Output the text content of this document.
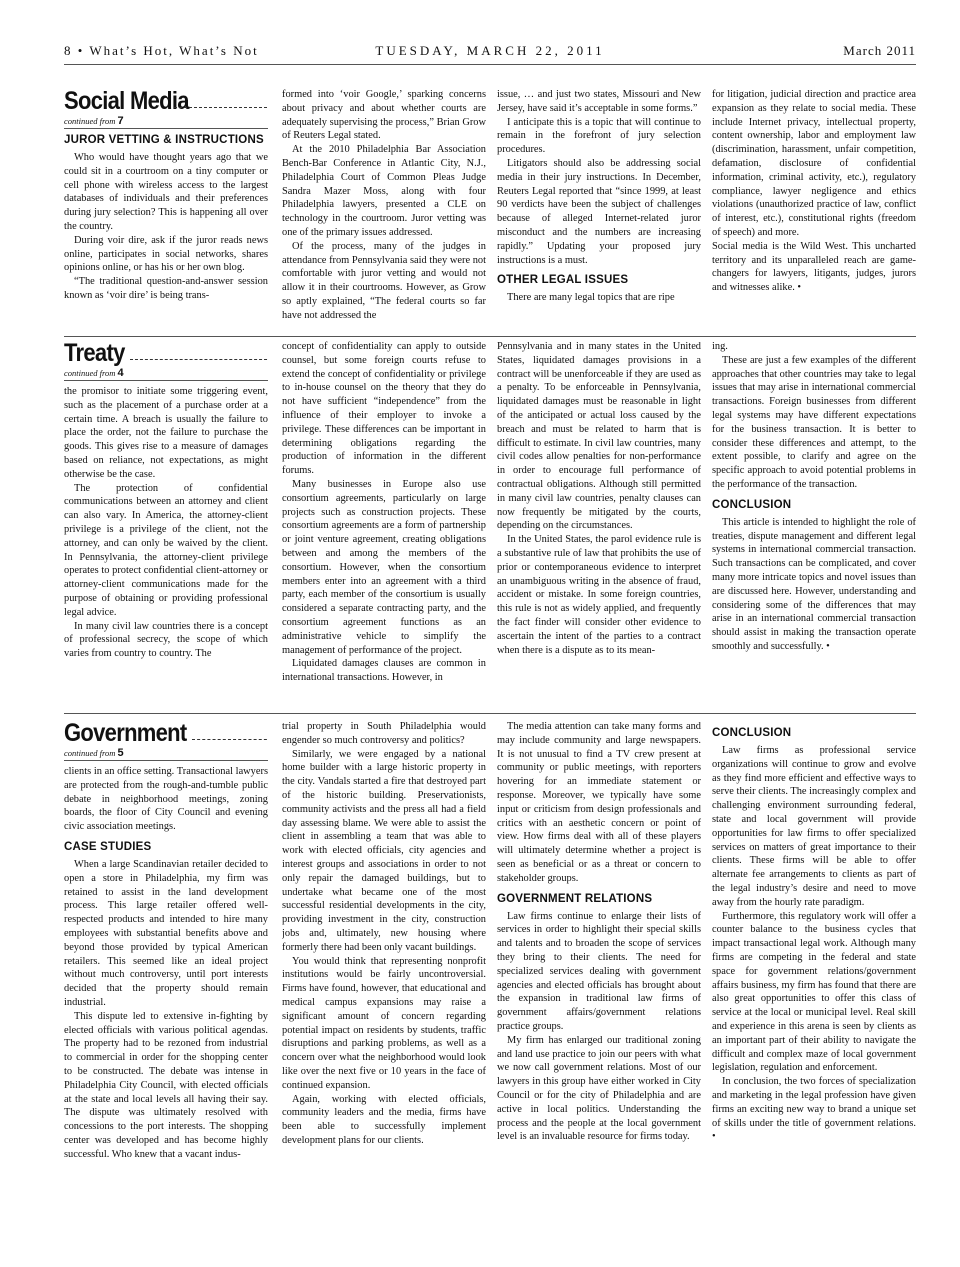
8 • What’s Hot, What’s Not	TUESDAY, MARCH 22, 2011	March 2011
Social Media
continued from 7
JUROR VETTING & INSTRUCTIONS

Who would have thought years ago that we could sit in a courtroom on a tiny computer or cell phone with wireless access to the largest databases of individuals and their preferences during jury selection? This is happening all over the country.

During voir dire, ask if the juror reads news online, participates in social networks, shares opinions online, or has his or her own blog.

“The traditional question-and-answer session known as ‘voir dire’ is being trans-

formed into ‘voir Google,’ sparking concerns about privacy and about whether courts are adequately supervising the process,” Brian Grow of Reuters Legal stated.

At the 2010 Philadelphia Bar Association Bench-Bar Conference in Atlantic City, N.J., Philadelphia Court of Common Pleas Judge Sandra Mazer Moss, along with four Philadelphia lawyers, presented a CLE on technology in the courtroom. Juror vetting was one of the primary issues addressed.

Of the process, many of the judges in attendance from Pennsylvania said they were not comfortable with juror vetting and would not allow it in their courtrooms. However, as Grow so aptly explained, “The federal courts so far have not addressed the

issue, … and just two states, Missouri and New Jersey, have said it’s acceptable in some forms.”

I anticipate this is a topic that will continue to remain in the forefront of jury selection procedures.

Litigators should also be addressing social media in their jury instructions. In December, Reuters Legal reported that “since 1999, at least 90 verdicts have been the subject of challenges because of alleged Internet-related juror misconduct and the numbers are increasing rapidly.” Updating your proposed jury instructions is a must.

OTHER LEGAL ISSUES

There are many legal topics that are ripe

for litigation, judicial direction and practice area expansion as they relate to social media. These include Internet privacy, intellectual property, content ownership, labor and employment law (discrimination, harassment, unfair competition, defamation, disclosure of confidential information, criminal activity, etc.), regulatory compliance, lawyer negligence and ethics violations (unauthorized practice of law, conflict of interest, etc.), constitutional rights (freedom of speech) and more.

Social media is the Wild West. This uncharted territory and its unparalleled reach are game-changers for lawyers, litigants, judges, jurors and witnesses alike. •

Treaty
continued from 4

the promisor to initiate some triggering event, such as the placement of a purchase order at a certain time. A breach is usually the failure to place the order, not the failure to purchase the goods. This gives rise to a measure of damages based on reliance, not expectations, as might otherwise be the case.

The protection of confidential communications between an attorney and client can also vary. In America, the attorney-client privilege is a privilege of the client, not the attorney, and can only be waived by the client. In Pennsylvania, the attorney-client privilege operates to protect confidential client-attorney or attorney-client communications made for the purpose of obtaining or providing professional legal advice.

In many civil law countries there is a concept of professional secrecy, the scope of which varies from country to country. The

concept of confidentiality can apply to outside counsel, but some foreign courts refuse to extend the concept of confidentiality or privilege to in-house counsel on the theory that they do not have sufficient “independence” from the influence of their employer to invoke a privilege. These differences can be important in determining obligations regarding the production of information in the different forums.

Many businesses in Europe also use consortium agreements, particularly on large projects such as construction projects. These consortium agreements are a form of partnership or joint venture agreement, creating obligations between and among the members of the consortium. However, when the consortium members enter into an agreement with a third party, each member of the consortium is usually considered a separate contracting party, and the consortium agreement functions as an administrative vehicle to simplify the management of performance of the project.

Liquidated damages clauses are common in international transactions. However, in

Pennsylvania and in many states in the United States, liquidated damages provisions in a contract will be unenforceable if they are used as a penalty. To be enforceable in Pennsylvania, liquidated damages must be reasonable in light of the anticipated or actual loss caused by the breach and must be related to harm that is difficult to estimate. In civil law countries, many civil codes allow penalties for non-performance in order to encourage full performance of contractual obligations. Although still permitted in many civil law countries, penalty clauses can now frequently be mitigated by the courts, depending on the circumstances.

In the United States, the parol evidence rule is a substantive rule of law that prohibits the use of prior or contemporaneous evidence to interpret an unambiguous writing in the absence of fraud, accident or mistake. In some foreign countries, this rule is not as widely applied, and frequently the fact finder will consider other evidence to ascertain the intent of the parties to a contract when there is a dispute as to its mean-

ing.

These are just a few examples of the different approaches that other countries may take to legal issues that may arise in international commercial transactions. Foreign businesses from different legal systems may have different expectations for the business transaction. It is better to consider these differences and attempt, to the extent possible, to clarify and agree on the specific approach to avoid potential problems in the performance of the transaction.

CONCLUSION

This article is intended to highlight the role of treaties, dispute management and different legal systems in international commercial transaction. Such transactions can be complicated, and cover many more intricate topics and novel issues than are discussed here. However, understanding and considering some of the differences that may arise in an international commercial transaction should assist in making the transaction operate smoothly and successfully. •

Government
continued from 5

clients in an office setting. Transactional lawyers are protected from the rough-and-tumble public debate in neighborhood meetings, zoning boards, the floor of City Council and evening civic association meetings.

CASE STUDIES

When a large Scandinavian retailer decided to open a store in Philadelphia, my firm was retained to assist in the land development process. This large retailer offered well-respected products and intended to hire many employees with substantial benefits above and beyond those provided by typical American retailers. This seemed like an ideal project without much controversy, until port interests decided that the property should remain industrial.

This dispute led to extensive in-fighting by elected officials with various political agendas. The property had to be rezoned from industrial to commercial in order for the shopping center to be constructed. The debate was intense in Philadelphia City Council, with elected officials at the state and local levels all having their say. The dispute was ultimately resolved with concessions to the port interests. The shopping center was developed and has become highly successful. Who knew that a vacant indus-

trial property in South Philadelphia would engender so much controversy and politics?

Similarly, we were engaged by a national home builder with a large historic property in the city. Vandals started a fire that destroyed part of the historic building. Preservationists, community activists and the press all had a field day assessing blame. We were able to assist the client in assembling a team that was able to work with elected officials, city agencies and interest groups and associations in order to not only repair the damaged buildings, but to undertake what became one of the most successful residential developments in the city, providing investment in the city, construction jobs and, ultimately, new housing where formerly there had been only vacant buildings.

You would think that representing nonprofit institutions would be fairly uncontroversial. Firms have found, however, that educational and medical campus expansions may raise a significant amount of concern regarding potential impact on residents by students, traffic disruptions and parking problems, as well as a concern over what the neighborhood would look like over the next five or 10 years in the face of continued expansion.

Again, working with elected officials, community leaders and the media, firms have been able to successfully implement development plans for our clients.

The media attention can take many forms and may include community and large newspapers. It is not unusual to find a TV crew present at community or public meetings, with reporters hovering for an immediate statement or response. Moreover, we typically have some input or criticism from design professionals and critics with an aesthetic concern or point of view. How firms deal with all of these players will ultimately determine whether a project is seen as beneficial or as a threat or concern to stakeholder groups.

GOVERNMENT RELATIONS

Law firms continue to enlarge their lists of services in order to highlight their special skills and talents and to broaden the scope of services they bring to their clients. The need for specialized services dealing with government agencies and elected officials has brought about the expansion in traditional law firms of government affairs/government relations practice groups.

My firm has enlarged our traditional zoning and land use practice to join our peers with what we now call government relations. Most of our lawyers in this group have either worked in City Council or for the city of Philadelphia and are active in local politics. Understanding the process and the people at the local government level is an invaluable resource for firms today.

CONCLUSION

Law firms as professional service organizations will continue to grow and evolve as they find more efficient and effective ways to serve their clients. The increasingly complex and challenging environment surrounding federal, state and local government will provide opportunities for law firms to offer specialized services on matters of great importance to their clients. These firms will be able to offer alternate fee arrangements to clients as part of the legal industry’s desire and need to move away from the hourly rate paradigm.

Furthermore, this regulatory work will offer a counter balance to the business cycles that impact transactional legal work. Although many firms are competing in the federal and state space for government relations/government affairs business, my firm has found that there are also great opportunities to offer this class of service at the local or municipal level. Real skill and experience in this arena is seen by clients as an important part of their ability to navigate the difficult and complex maze of local government legislation, regulation and enforcement.

In conclusion, the two forces of specialization and marketing in the legal profession have given firms an exciting new way to brand a unique set of skills under the title of government relations. •
